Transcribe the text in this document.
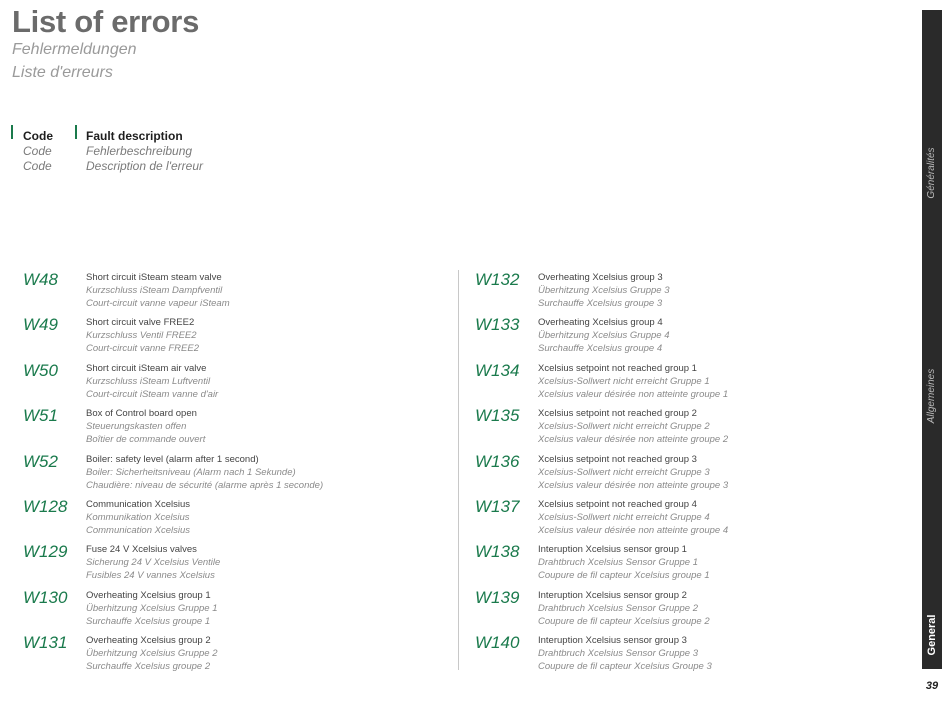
List of errors
Fehlermeldungen
Liste d'erreurs
Code
Code
Code
Fault description
Fehlerbeschreibung
Description de l'erreur
W48	Short circuit iSteam steam valve
Kurzschluss iSteam Dampfventil
Court-circuit vanne vapeur iSteam
W49	Short circuit valve FREE2
Kurzschluss Ventil FREE2
Court-circuit vanne FREE2
W50	Short circuit iSteam air valve
Kurzschluss iSteam Luftventil
Court-circuit iSteam vanne d'air
W51	Box of Control board open
Steuerungskasten offen
Boîtier de commande ouvert
W52	Boiler: safety level (alarm after 1 second)
Boiler: Sicherheitsniveau (Alarm nach 1 Sekunde)
Chaudière: niveau de sécurité (alarme après 1 seconde)
W128 Communication Xcelsius
Kommunikation Xcelsius
Communication Xcelsius
W129 Fuse 24 V Xcelsius valves
Sicherung 24 V Xcelsius Ventile
Fusibles 24 V vannes Xcelsius
W130 Overheating Xcelsius group 1
Überhitzung Xcelsius Gruppe 1
Surchauffe Xcelsius groupe 1
W131 Overheating Xcelsius group 2
Überhitzung Xcelsius Gruppe 2
Surchauffe Xcelsius groupe 2
W132 Overheating Xcelsius group 3
Überhitzung Xcelsius Gruppe 3
Surchauffe Xcelsius groupe 3
W133 Overheating Xcelsius group 4
Überhitzung Xcelsius Gruppe 4
Surchauffe Xcelsius groupe 4
W134 Xcelsius setpoint not reached group 1
Xcelsius-Sollwert nicht erreicht Gruppe 1
Xcelsius valeur désirée non atteinte groupe 1
W135 Xcelsius setpoint not reached group 2
Xcelsius-Sollwert nicht erreicht Gruppe 2
Xcelsius valeur désirée non atteinte groupe 2
W136 Xcelsius setpoint not reached group 3
Xcelsius-Sollwert nicht erreicht Gruppe 3
Xcelsius valeur désirée non atteinte groupe 3
W137 Xcelsius setpoint not reached group 4
Xcelsius-Sollwert nicht erreicht Gruppe 4
Xcelsius valeur désirée non atteinte groupe 4
W138 Interuption Xcelsius sensor group 1
Drahtbruch Xcelsius Sensor Gruppe 1
Coupure de fil capteur Xcelsius groupe 1
W139 Interuption Xcelsius sensor group 2
Drahtbruch Xcelsius Sensor Gruppe 2
Coupure de fil capteur Xcelsius groupe 2
W140 Interuption Xcelsius sensor group 3
Drahtbruch Xcelsius Sensor Gruppe 3
Coupure de fil capteur Xcelsius Groupe 3
Généralités
Allgemeines
General
39
